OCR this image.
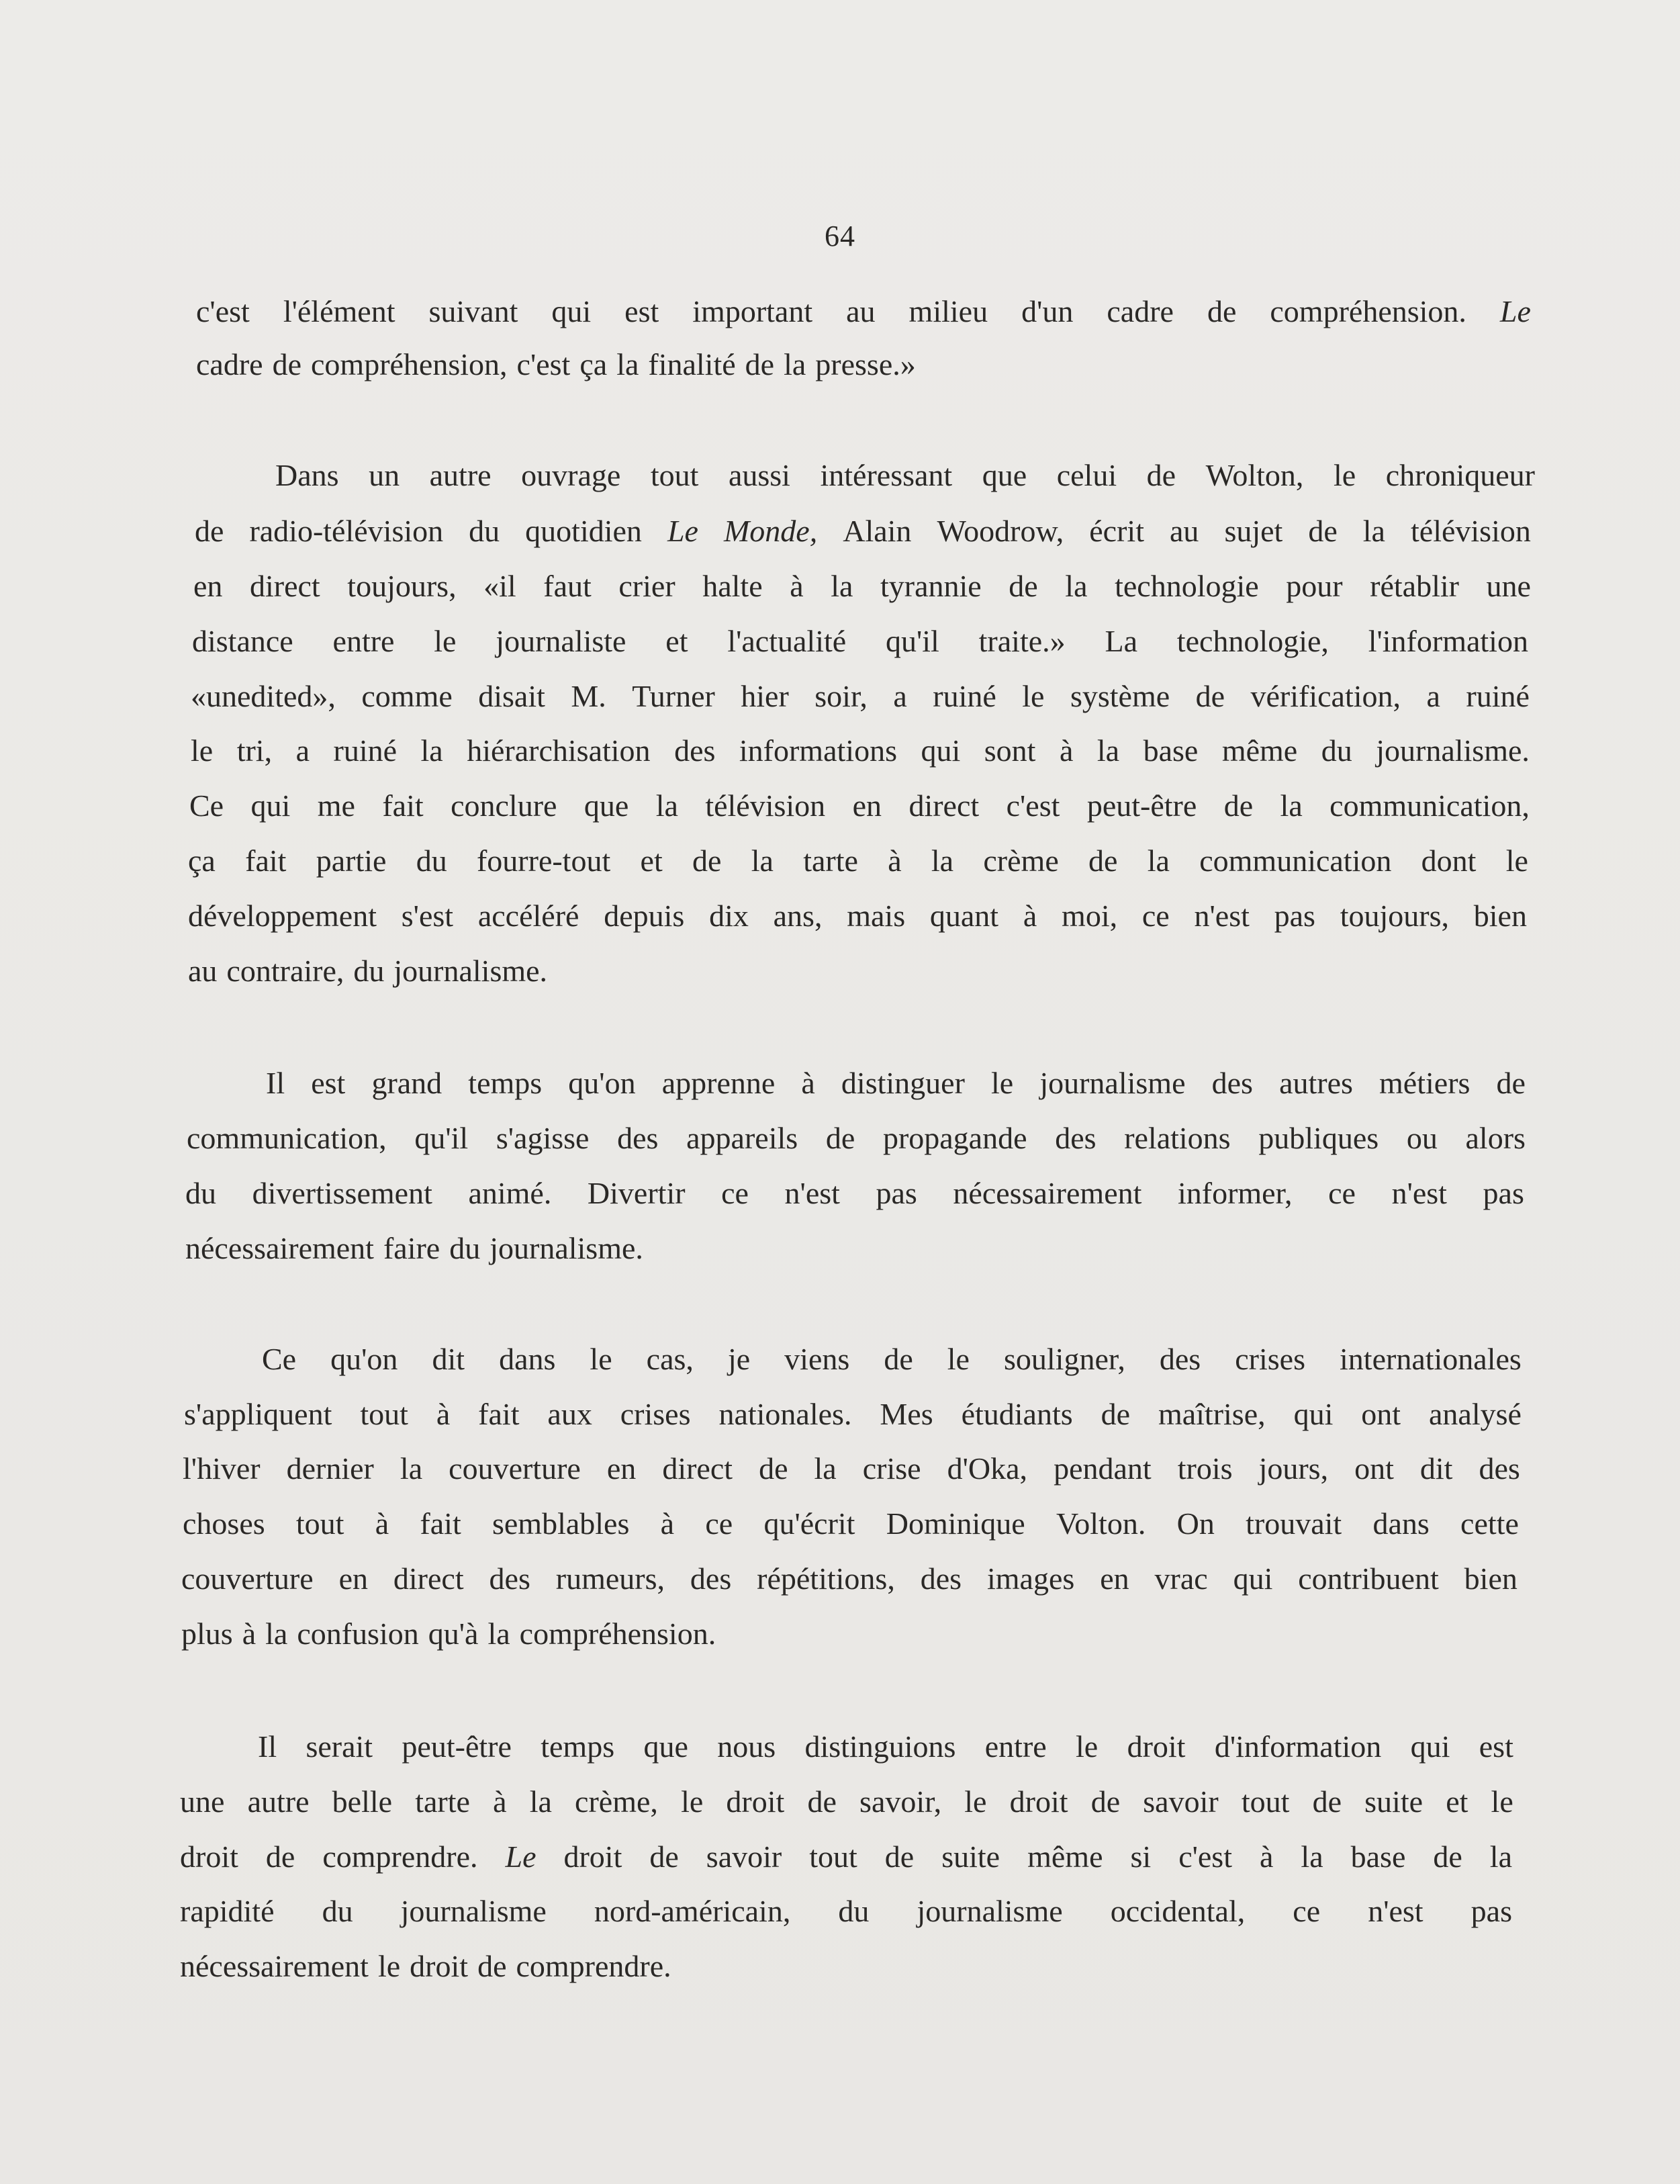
64
c'est l'élément suivant qui est important au milieu d'un cadre de compréhension. Le
cadre de compréhension, c'est ça la finalité de la presse.»
Dans un autre ouvrage tout aussi intéressant que celui de Wolton, le chroniqueur
de radio-télévision du quotidien Le Monde, Alain Woodrow, écrit au sujet de la télévision
en direct toujours, «il faut crier halte à la tyrannie de la technologie pour rétablir une
distance entre le journaliste et l'actualité qu'il traite.» La technologie, l'information
«unedited», comme disait M. Turner hier soir, a ruiné le système de vérification, a ruiné
le tri, a ruiné la hiérarchisation des informations qui sont à la base même du journalisme.
Ce qui me fait conclure que la télévision en direct c'est peut-être de la communication,
ça fait partie du fourre-tout et de la tarte à la crème de la communication dont le
développement s'est accéléré depuis dix ans, mais quant à moi, ce n'est pas toujours, bien
au contraire, du journalisme.
Il est grand temps qu'on apprenne à distinguer le journalisme des autres métiers de
communication, qu'il s'agisse des appareils de propagande des relations publiques ou alors
du divertissement animé. Divertir ce n'est pas nécessairement informer, ce n'est pas
nécessairement faire du journalisme.
Ce qu'on dit dans le cas, je viens de le souligner, des crises internationales
s'appliquent tout à fait aux crises nationales. Mes étudiants de maîtrise, qui ont analysé
l'hiver dernier la couverture en direct de la crise d'Oka, pendant trois jours, ont dit des
choses tout à fait semblables à ce qu'écrit Dominique Volton. On trouvait dans cette
couverture en direct des rumeurs, des répétitions, des images en vrac qui contribuent bien
plus à la confusion qu'à la compréhension.
Il serait peut-être temps que nous distinguions entre le droit d'information qui est
une autre belle tarte à la crème, le droit de savoir, le droit de savoir tout de suite et le
droit de comprendre. Le droit de savoir tout de suite même si c'est à la base de la
rapidité du journalisme nord-américain, du journalisme occidental, ce n'est pas
nécessairement le droit de comprendre.
